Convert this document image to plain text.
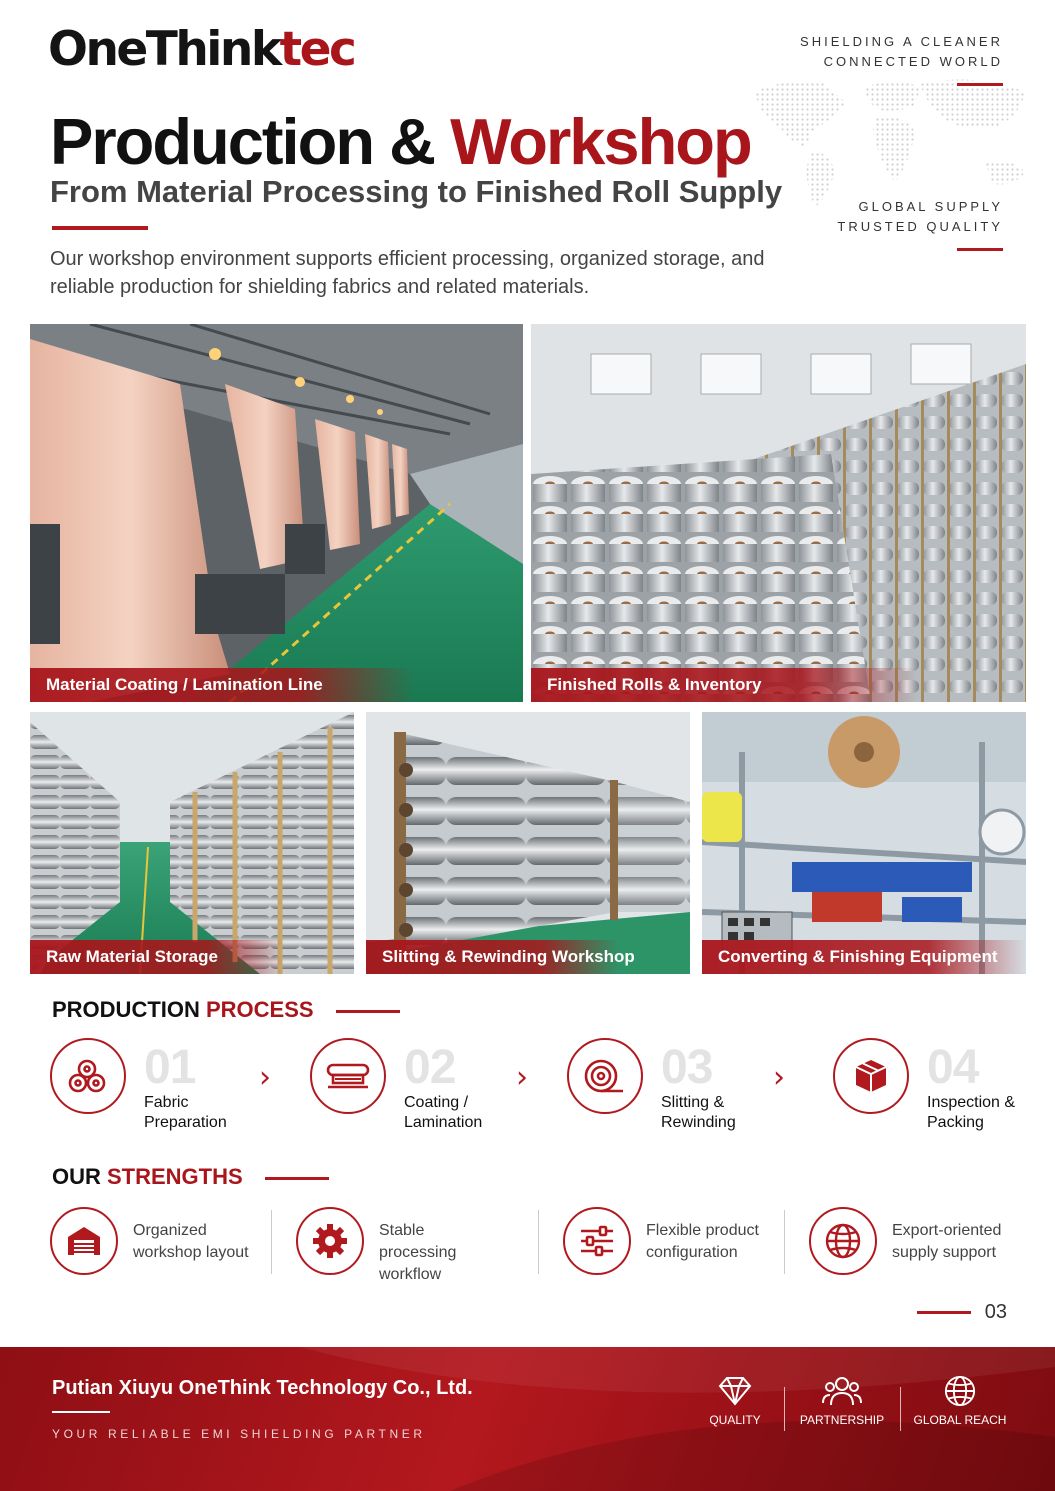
OneThinktec	SHIELDING A CLEANER
CONNECTED WORLD
GLOBAL SUPPLY
TRUSTED QUALITY
Production & Workshop
From Material Processing to Finished Roll Supply

Our workshop environment supports efficient processing, organized storage, and reliable production for shielding fabrics and related materials.

Material Coating / Lamination Line	Finished Rolls & Inventory
Raw Material Storage	Slitting & Rewinding Workshop	Converting & Finishing Equipment
PRODUCTION PROCESS
01
Fabric
Preparation
›	02
Coating /
Lamination
›	03
Slitting &
Rewinding
›	04
Inspection &
Packing
OUR STRENGTHS
Organized
workshop layout
Stable
processing workflow
Flexible product
configuration
Export-oriented
supply support
03
Putian Xiuyu OneThink Technology Co., Ltd.
YOUR RELIABLE EMI SHIELDING PARTNER
QUALITY	PARTNERSHIP	GLOBAL REACH
